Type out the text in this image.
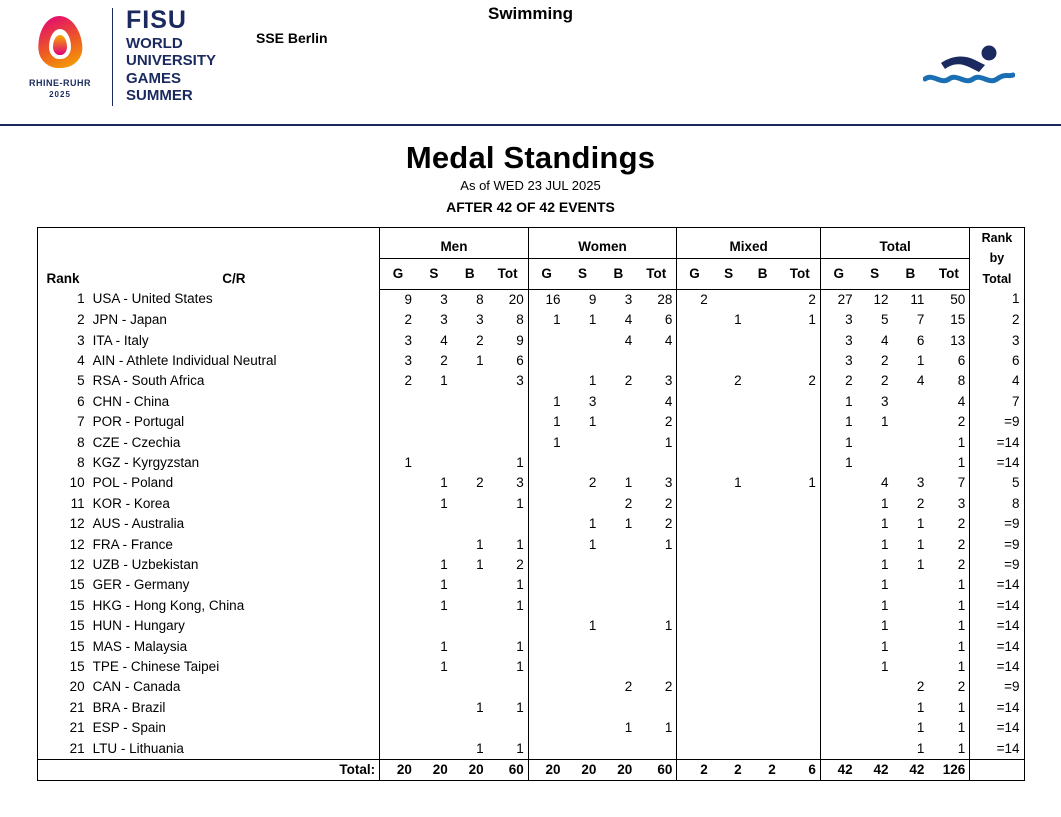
RHINE-RUHR
2025
FISU
WORLD
UNIVERSITY
GAMES
SUMMER
SSE Berlin
Swimming
Medal Standings
As of WED 23 JUL 2025
AFTER 42 OF 42 EVENTS
Rank	C/R	Men				Women				Mixed				Total				Rank
by
Total
		G	S	B	Tot	G	S	B	Tot	G	S	B	Tot	G	S	B	Tot	
1	USA - United States	9	3	8	20	16	9	3	28	2			2	27	12	11	50	1
2	JPN - Japan	2	3	3	8	1	1	4	6		1		1	3	5	7	15	2
3	ITA - Italy	3	4	2	9			4	4					3	4	6	13	3
4	AIN - Athlete Individual Neutral	3	2	1	6									3	2	1	6	6
5	RSA - South Africa	2	1		3		1	2	3		2		2	2	2	4	8	4
6	CHN - China					1	3		4					1	3		4	7
7	POR - Portugal					1	1		2					1	1		2	=9
8	CZE - Czechia					1			1					1			1	=14
8	KGZ - Kyrgyzstan	1			1									1			1	=14
10	POL - Poland		1	2	3		2	1	3		1		1		4	3	7	5
11	KOR - Korea		1		1			2	2						1	2	3	8
12	AUS - Australia						1	1	2						1	1	2	=9
12	FRA - France			1	1		1		1						1	1	2	=9
12	UZB - Uzbekistan		1	1	2										1	1	2	=9
15	GER - Germany		1		1										1		1	=14
15	HKG - Hong Kong, China		1		1										1		1	=14
15	HUN - Hungary						1		1						1		1	=14
15	MAS - Malaysia		1		1										1		1	=14
15	TPE - Chinese Taipei		1		1										1		1	=14
20	CAN - Canada							2	2							2	2	=9
21	BRA - Brazil			1	1											1	1	=14
21	ESP - Spain							1	1							1	1	=14
21	LTU - Lithuania			1	1											1	1	=14
Total:		20	20	20	60	20	20	20	60	2	2	2	6	42	42	42	126	
